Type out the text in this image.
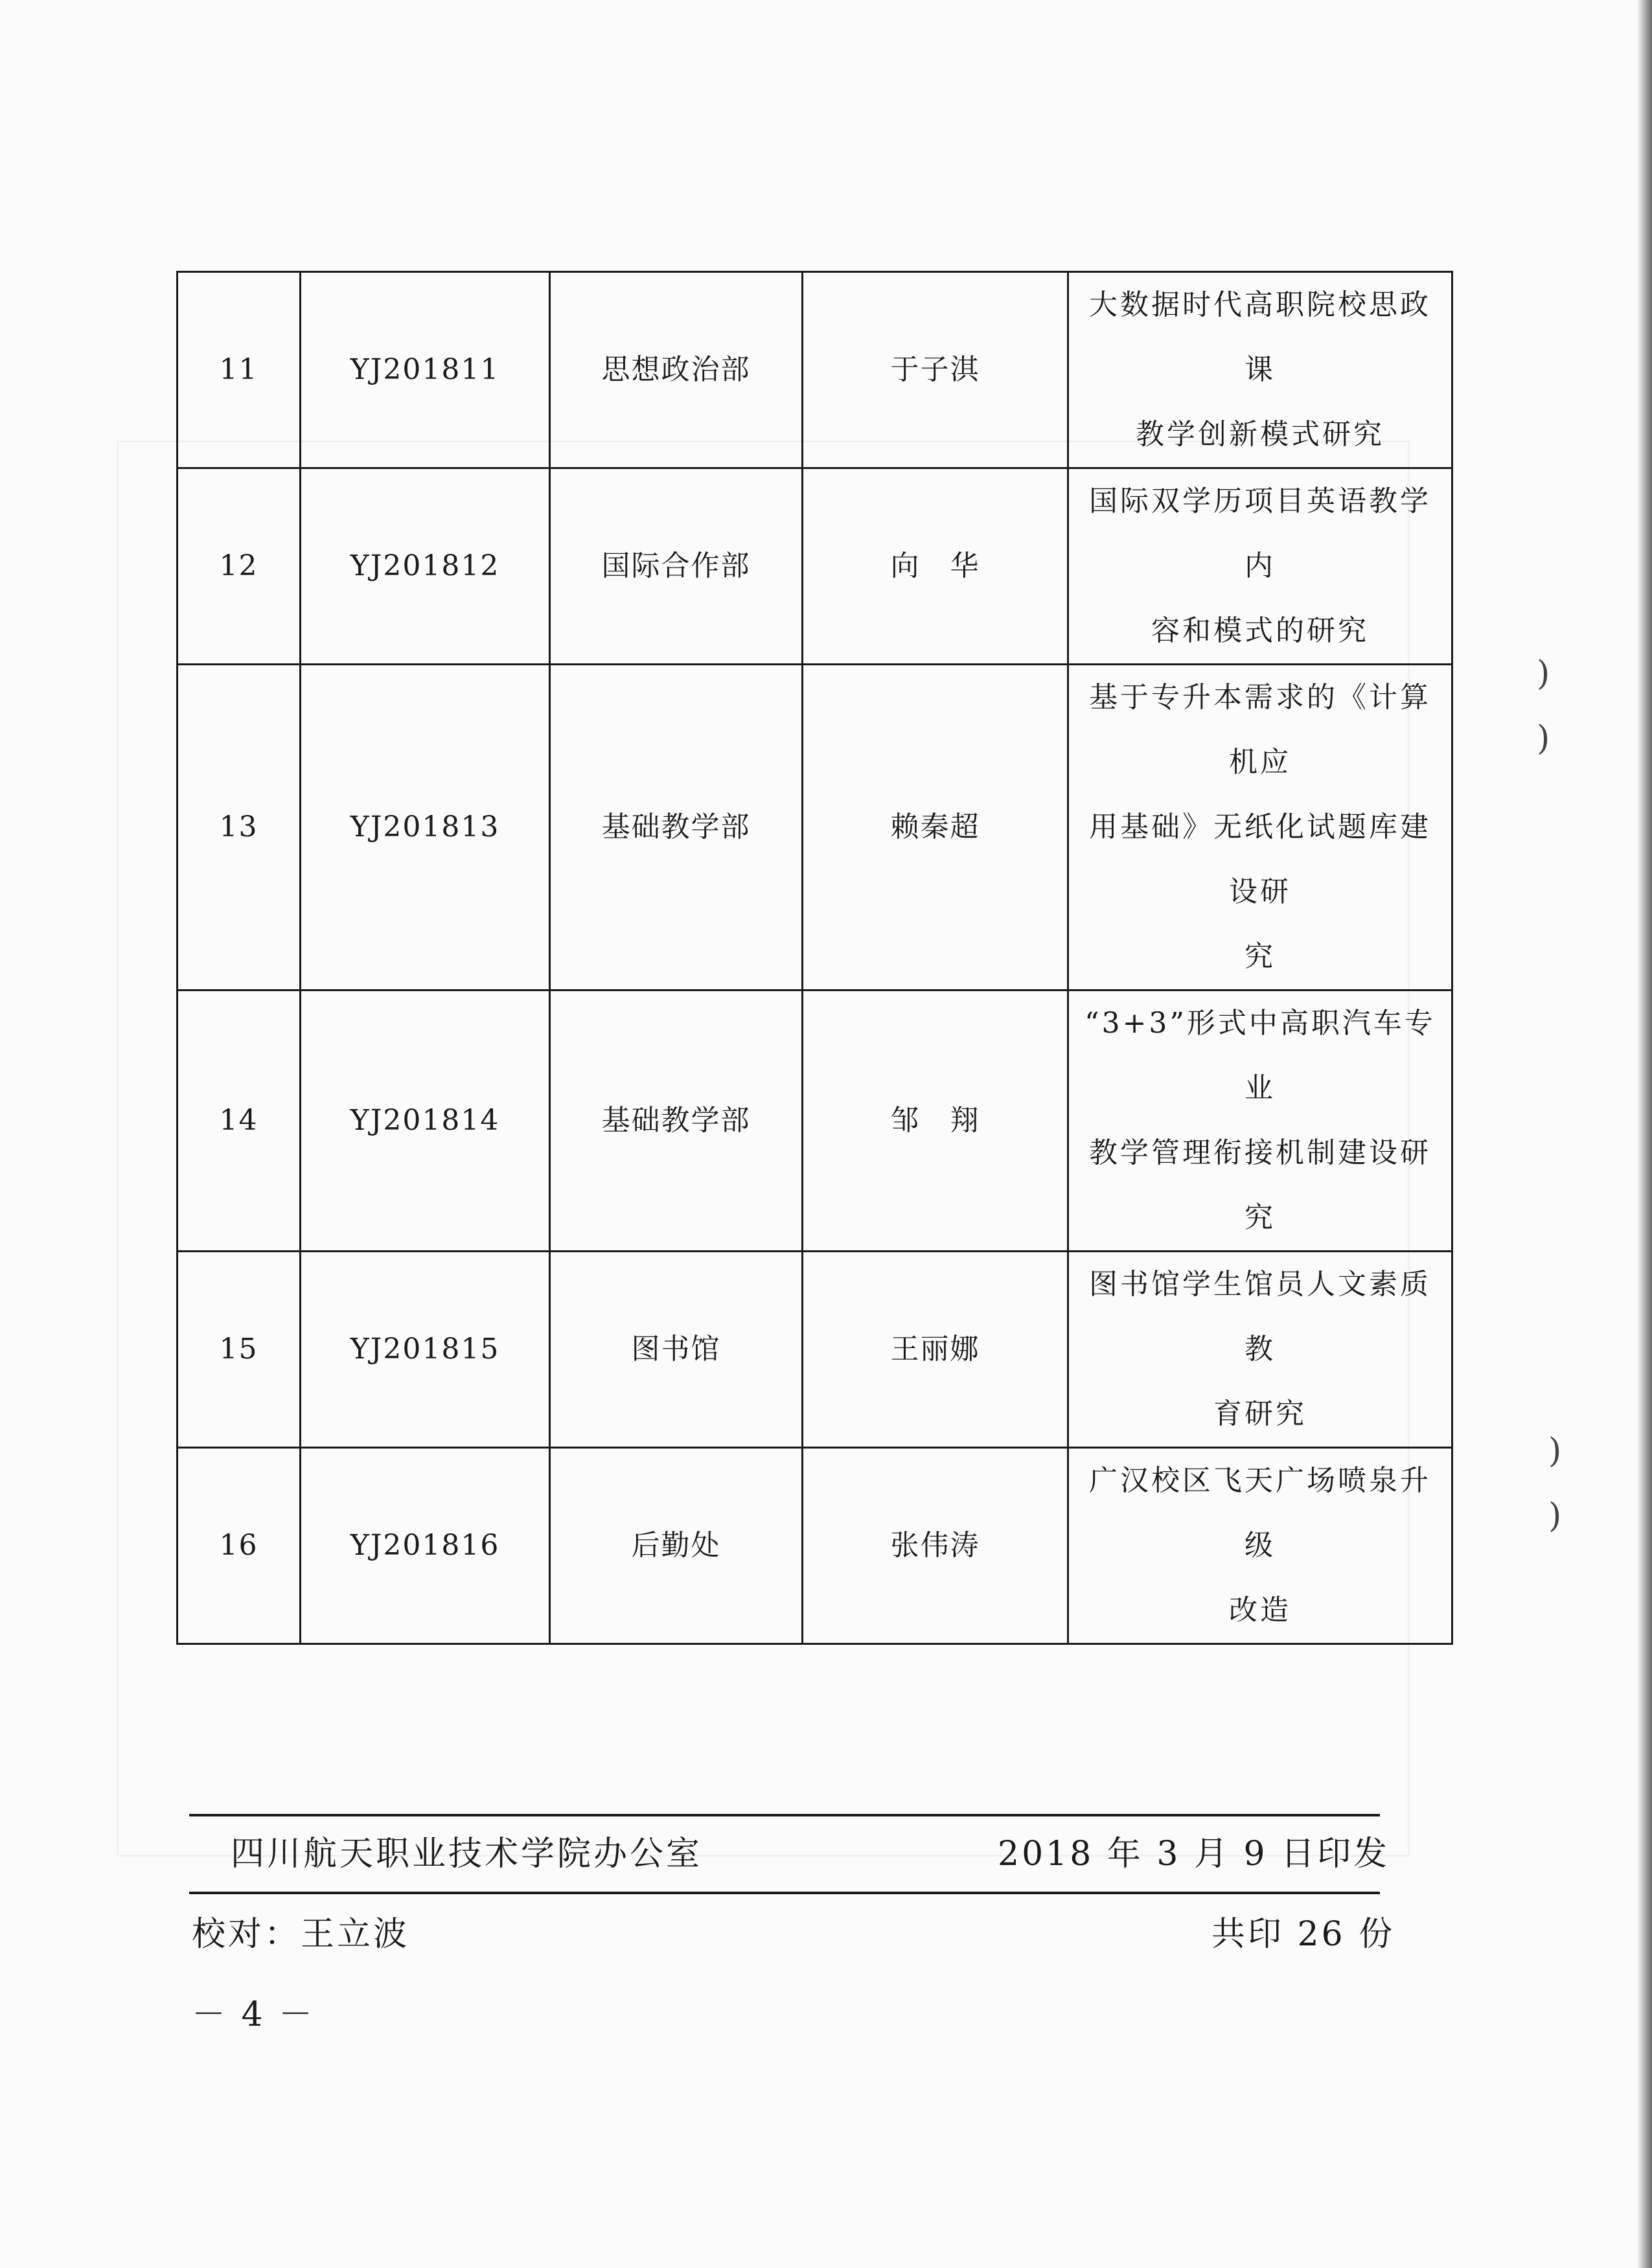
11	YJ201811	思想政治部	于子淇	大数据时代高职院校思政课
教学创新模式研究

12	YJ201812	国际合作部	向　华	国际双学历项目英语教学内
容和模式的研究

13	YJ201813	基础教学部	赖秦超	基于专升本需求的《计算机应
用基础》无纸化试题库建设研
究

14	YJ201814	基础教学部	邹　翔	“3+3”形式中高职汽车专业
教学管理衔接机制建设研究

15	YJ201815	图书馆	王丽娜	图书馆学生馆员人文素质教
育研究

16	YJ201816	后勤处	张伟涛	广汉校区飞天广场喷泉升级
改造
)
)
)
)
四川航天职业技术学院办公室	2018 年 3 月 9 日印发
校对：王立波	共印 26 份
－ 4 －
